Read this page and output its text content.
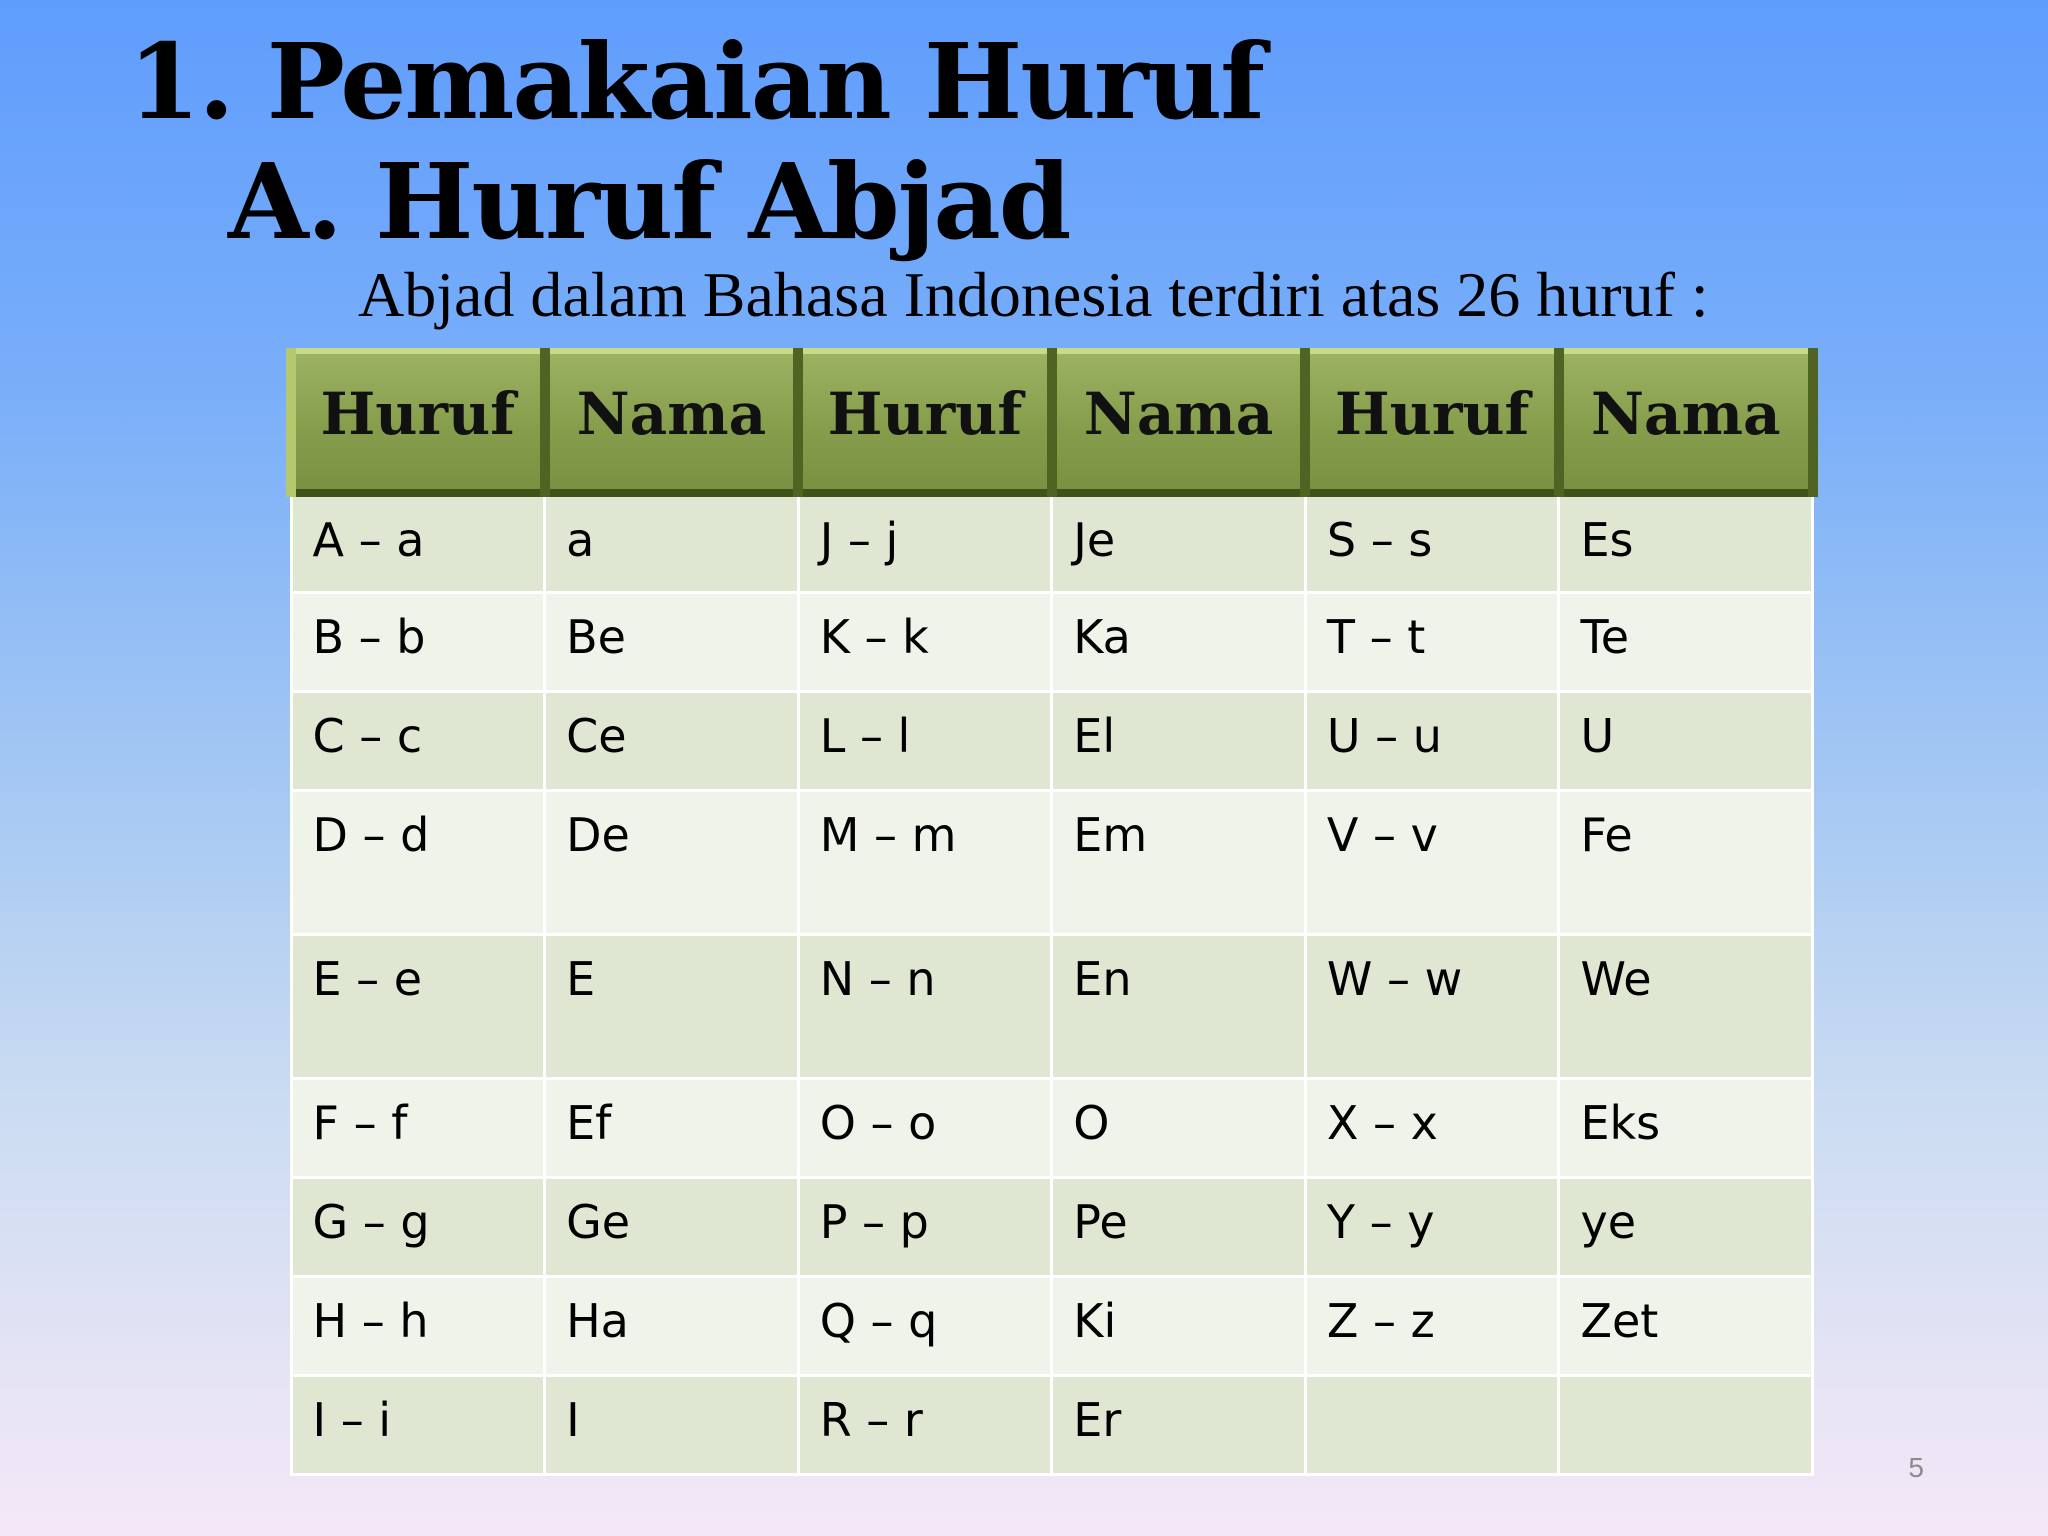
1. Pemakaian Huruf
A. Huruf Abjad

Abjad dalam Bahasa Indonesia terdiri atas 26 huruf :

Huruf	Nama	Huruf	Nama	Huruf	Nama

A – a	a	J – j	Je	S – s	Es

B – b	Be	K – k	Ka	T – t	Te

C – c	Ce	L – l	El	U – u	U

D – d	De	M – m	Em	V – v	Fe

E – e	E	N – n	En	W – w	We

F – f	Ef	O – o	O	X – x	Eks

G – g	Ge	P – p	Pe	Y – y	ye

H – h	Ha	Q – q	Ki	Z – z	Zet

I – i	I	R – r	Er		

5
